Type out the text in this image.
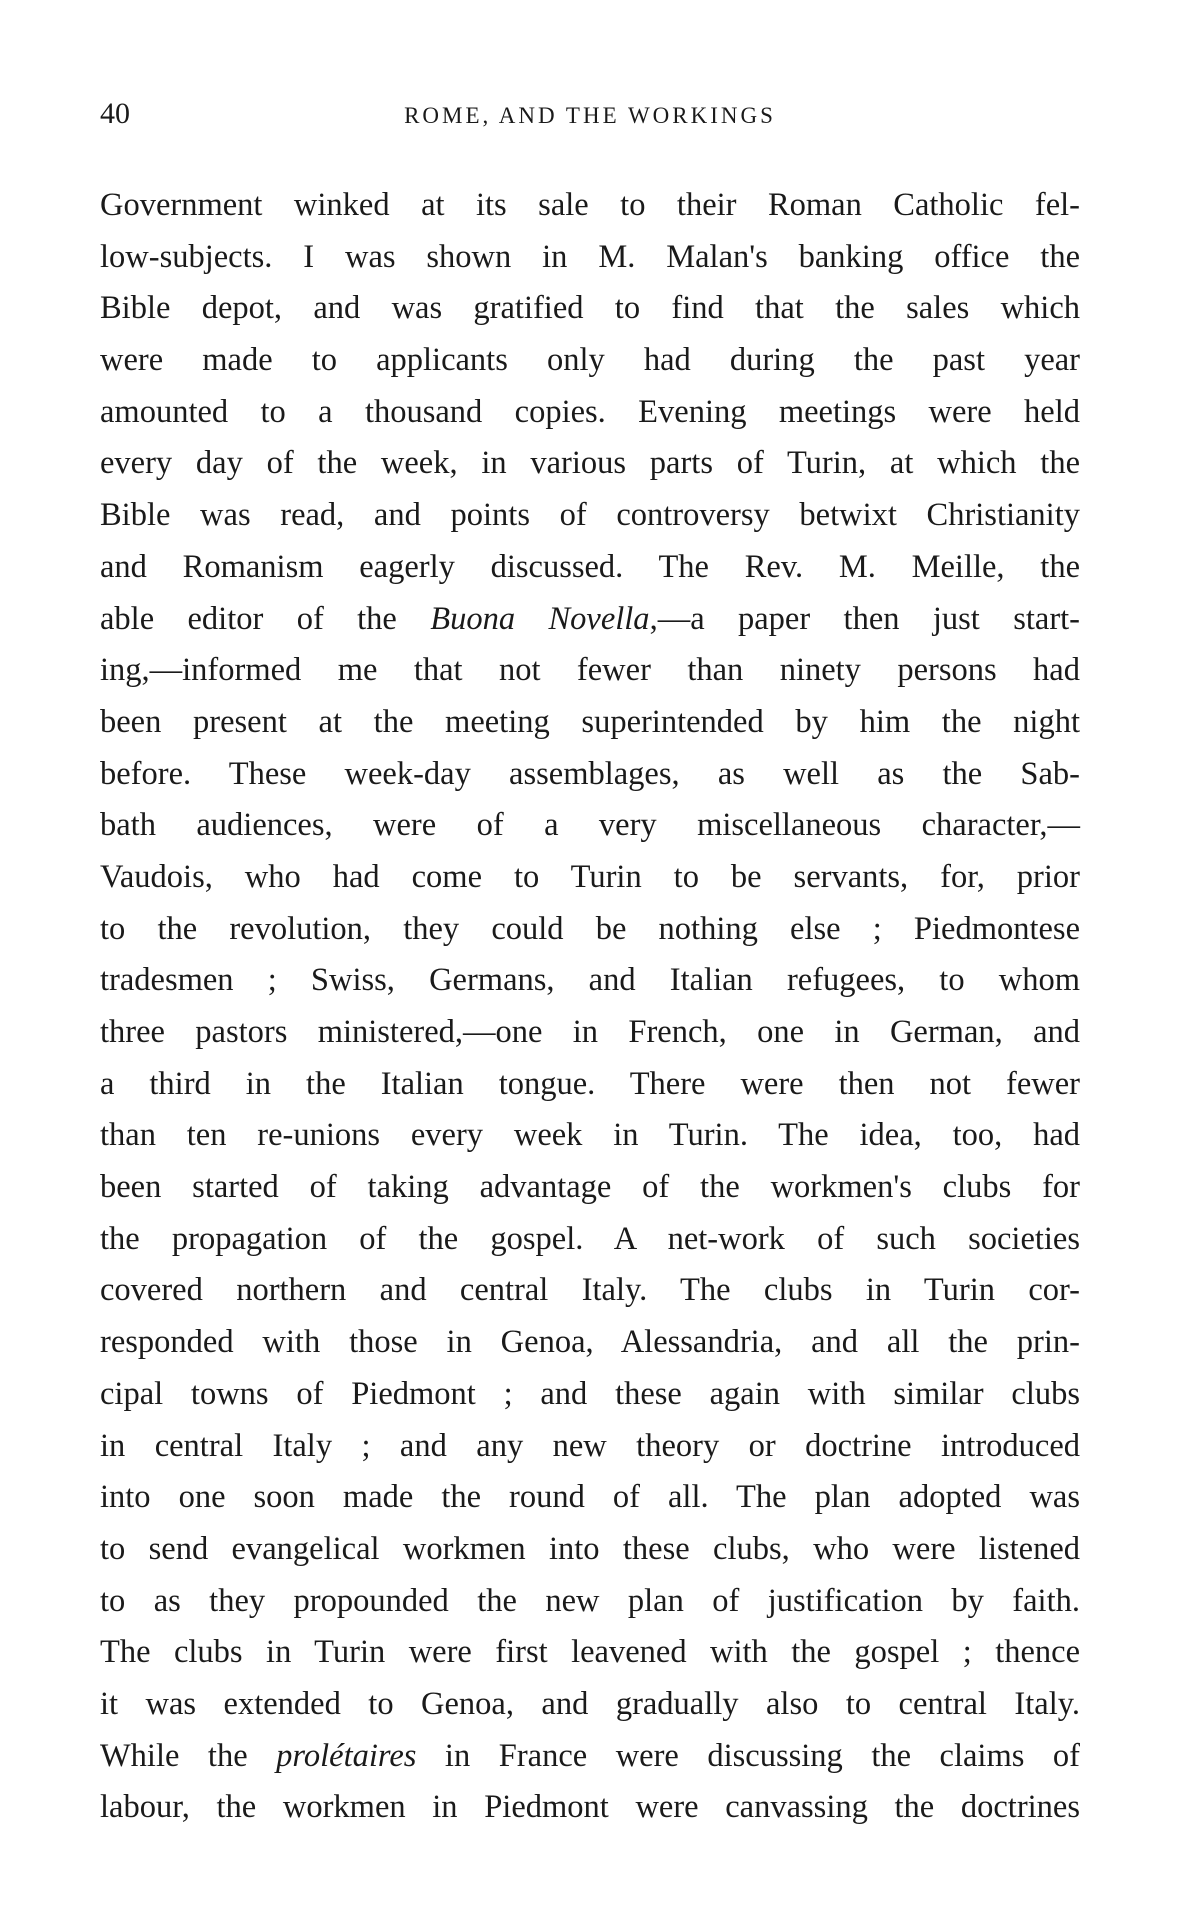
40	ROME, AND THE WORKINGS
Government winked at its sale to their Roman Catholic fel-
low-subjects. I was shown in M. Malan's banking office the
Bible depot, and was gratified to find that the sales which
were made to applicants only had during the past year
amounted to a thousand copies. Evening meetings were held
every day of the week, in various parts of Turin, at which the
Bible was read, and points of controversy betwixt Christianity
and Romanism eagerly discussed. The Rev. M. Meille, the
able editor of the Buona Novella,—a paper then just start-
ing,—informed me that not fewer than ninety persons had
been present at the meeting superintended by him the night
before. These week-day assemblages, as well as the Sab-
bath audiences, were of a very miscellaneous character,—
Vaudois, who had come to Turin to be servants, for, prior
to the revolution, they could be nothing else ; Piedmontese
tradesmen ; Swiss, Germans, and Italian refugees, to whom
three pastors ministered,—one in French, one in German, and
a third in the Italian tongue. There were then not fewer
than ten re-unions every week in Turin. The idea, too, had
been started of taking advantage of the workmen's clubs for
the propagation of the gospel. A net-work of such societies
covered northern and central Italy. The clubs in Turin cor-
responded with those in Genoa, Alessandria, and all the prin-
cipal towns of Piedmont ; and these again with similar clubs
in central Italy ; and any new theory or doctrine introduced
into one soon made the round of all. The plan adopted was
to send evangelical workmen into these clubs, who were listened
to as they propounded the new plan of justification by faith.
The clubs in Turin were first leavened with the gospel ; thence
it was extended to Genoa, and gradually also to central Italy.
While the prolétaires in France were discussing the claims of
labour, the workmen in Piedmont were canvassing the doctrines
